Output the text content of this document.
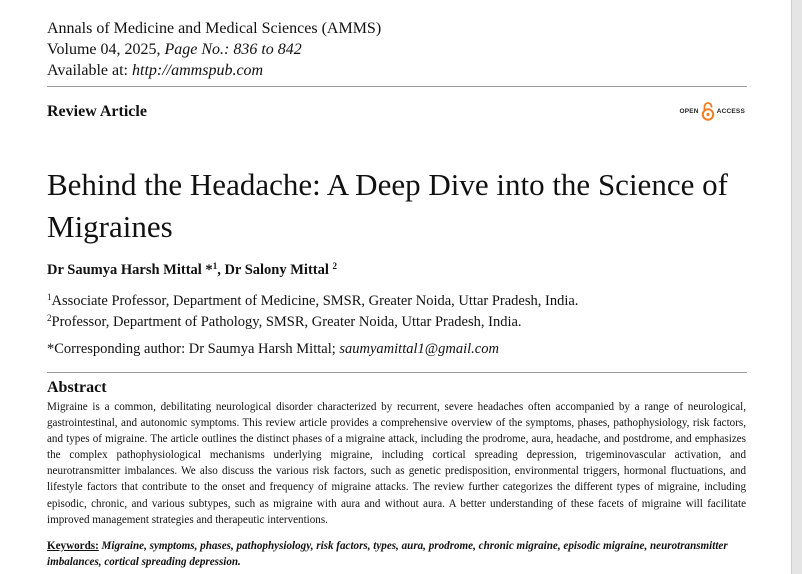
Annals of Medicine and Medical Sciences (AMMS)

Volume 04, 2025, Page No.: 836 to 842

Available at: http://ammspub.com

Review Article	OPEN	ACCESS
Behind the Headache: A Deep Dive into the Science of Migraines
Dr Saumya Harsh Mittal *$^1$, Dr Salony Mittal $^2$
$^1$Associate Professor, Department of Medicine, SMSR, Greater Noida, Uttar Pradesh, India.
$^2$Professor, Department of Pathology, SMSR, Greater Noida, Uttar Pradesh, India.
*Corresponding author: Dr Saumya Harsh Mittal; saumyamittal1@gmail.com
Abstract

Migraine is a common, debilitating neurological disorder characterized by recurrent, severe headaches often accompanied by a range of neurological, gastrointestinal, and autonomic symptoms. This review article provides a comprehensive overview of the symptoms, phases, pathophysiology, risk factors, and types of migraine. The article outlines the distinct phases of a migraine attack, including the prodrome, aura, headache, and postdrome, and emphasizes the complex pathophysiological mechanisms underlying migraine, including cortical spreading depression, trigeminovascular activation, and neurotransmitter imbalances. We also discuss the various risk factors, such as genetic predisposition, environmental triggers, hormonal fluctuations, and lifestyle factors that contribute to the onset and frequency of migraine attacks. The review further categorizes the different types of migraine, including episodic, chronic, and various subtypes, such as migraine with aura and without aura. A better understanding of these facets of migraine will facilitate improved management strategies and therapeutic interventions.

Keywords: Migraine, symptoms, phases, pathophysiology, risk factors, types, aura, prodrome, chronic migraine, episodic migraine, neurotransmitter imbalances, cortical spreading depression.
